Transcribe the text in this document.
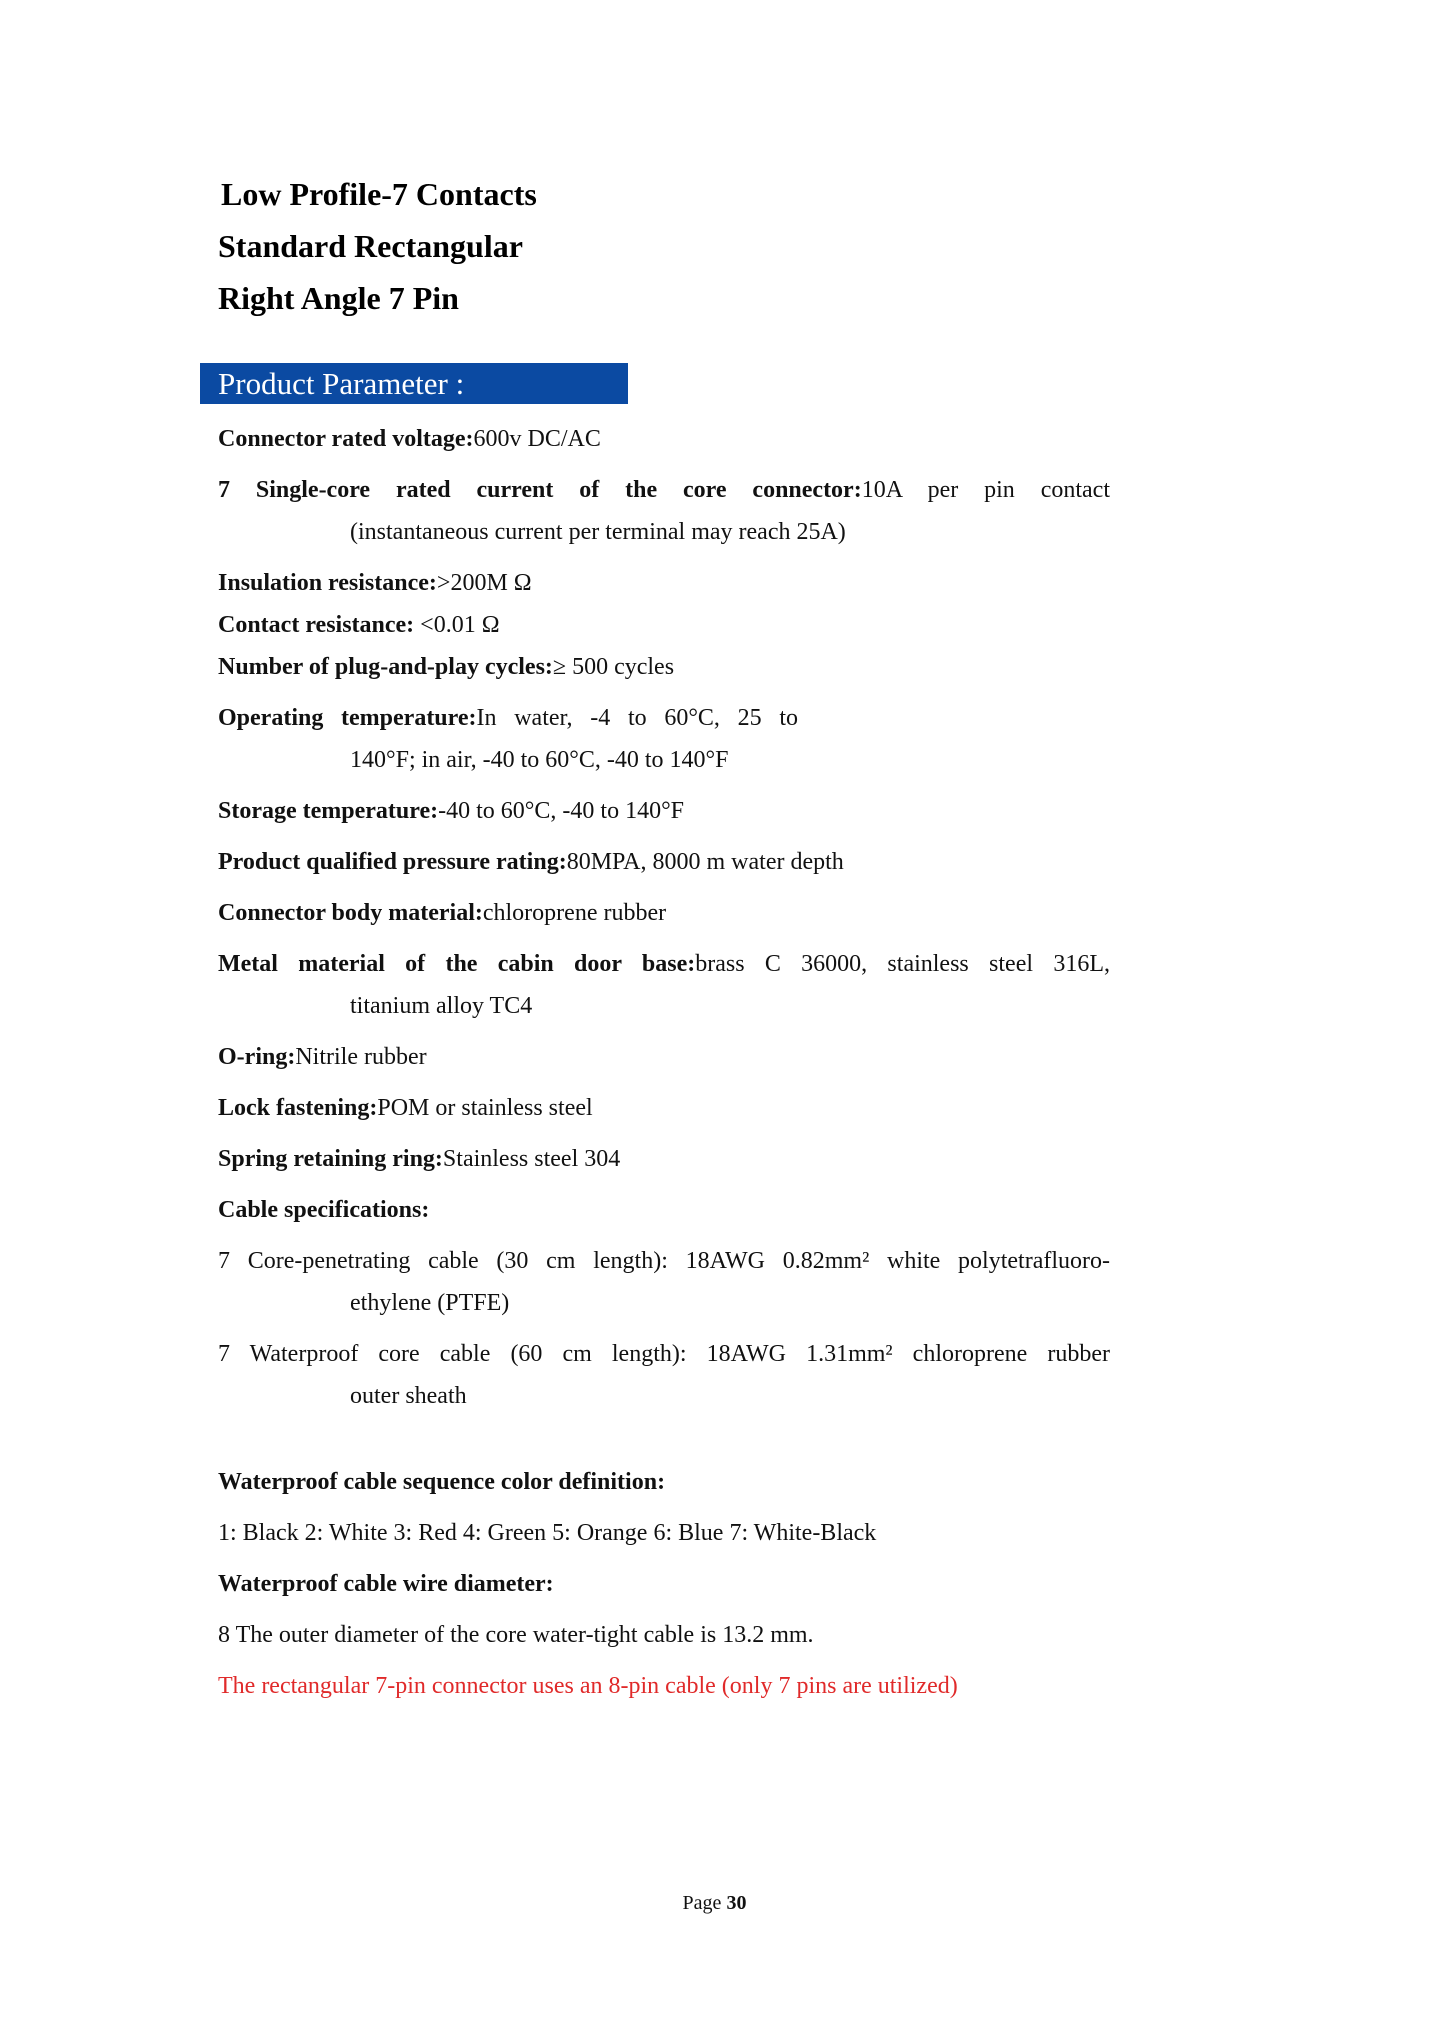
Low Profile-7 Contacts
Standard Rectangular
Right Angle 7 Pin
Product Parameter :
Connector rated voltage:600v DC/AC
7 Single-core rated current of the core connector:10A per pin contact
(instantaneous current per terminal may reach 25A)
Insulation resistance:>200M Ω
Contact resistance: <0.01 Ω
Number of plug-and-play cycles:≥ 500 cycles
Operating temperature:In water, -4 to 60°C, 25 to
140°F; in air, -40 to 60°C, -40 to 140°F
Storage temperature:-40 to 60°C, -40 to 140°F
Product qualified pressure rating:80MPA, 8000 m water depth
Connector body material:chloroprene rubber
Metal material of the cabin door base:brass C 36000, stainless steel 316L,
titanium alloy TC4
O-ring:Nitrile rubber
Lock fastening:POM or stainless steel
Spring retaining ring:Stainless steel 304
Cable specifications:
7 Core-penetrating cable (30 cm length): 18AWG 0.82mm² white polytetrafluoro-
ethylene (PTFE)
7 Waterproof core cable (60 cm length): 18AWG 1.31mm² chloroprene rubber
outer sheath
Waterproof cable sequence color definition:
1: Black 2: White 3: Red 4: Green 5: Orange 6: Blue 7: White-Black
Waterproof cable wire diameter:
8 The outer diameter of the core water-tight cable is 13.2 mm.
The rectangular 7-pin connector uses an 8-pin cable (only 7 pins are utilized)
Page 30
